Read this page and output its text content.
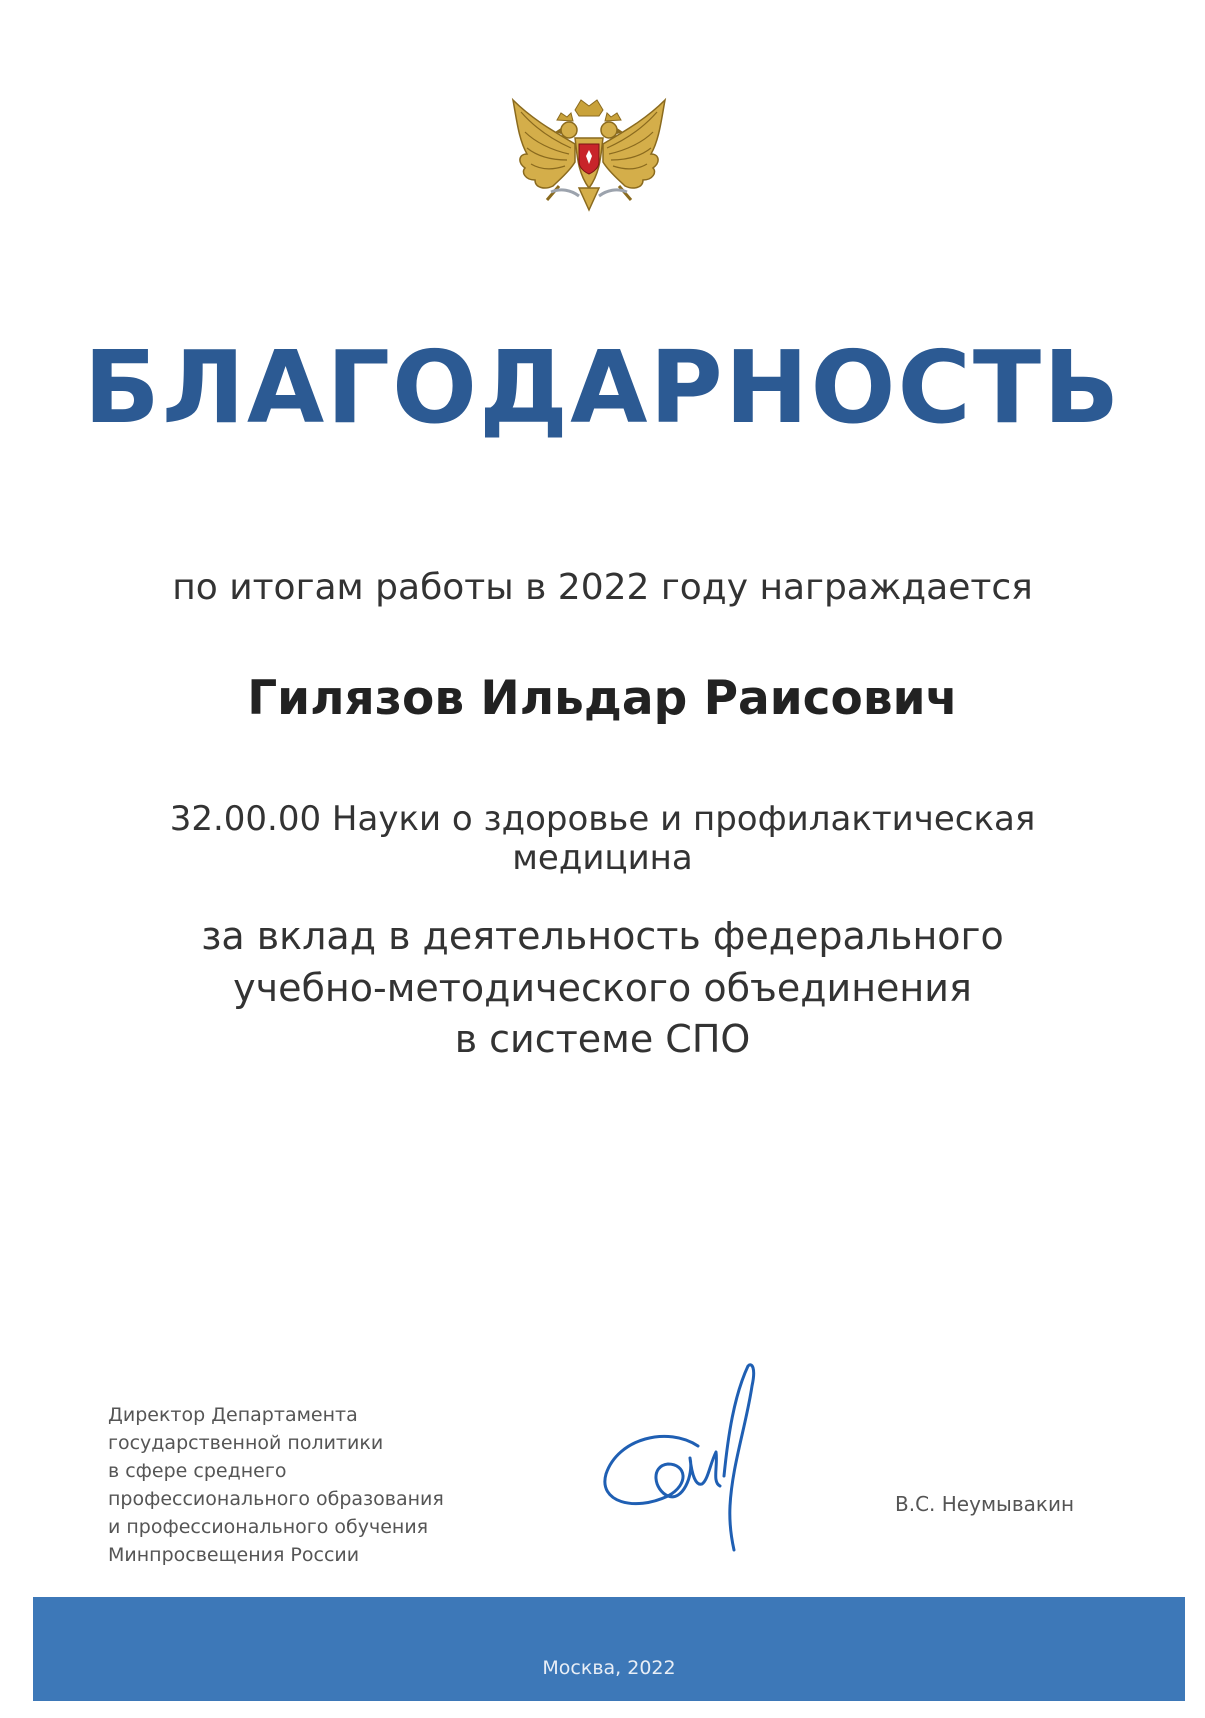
БЛАГОДАРНОСТЬ
по итогам работы в 2022 году награждается
Гилязов Ильдар Раисович
32.00.00 Науки о здоровье и профилактическая
медицина
за вклад в деятельность федерального
учебно-методического объединения
в системе СПО
Директор Департамента
государственной политики
в сфере среднего
профессионального образования
и профессионального обучения
Минпросвещения России
В.С. Неумывакин
Москва, 2022
